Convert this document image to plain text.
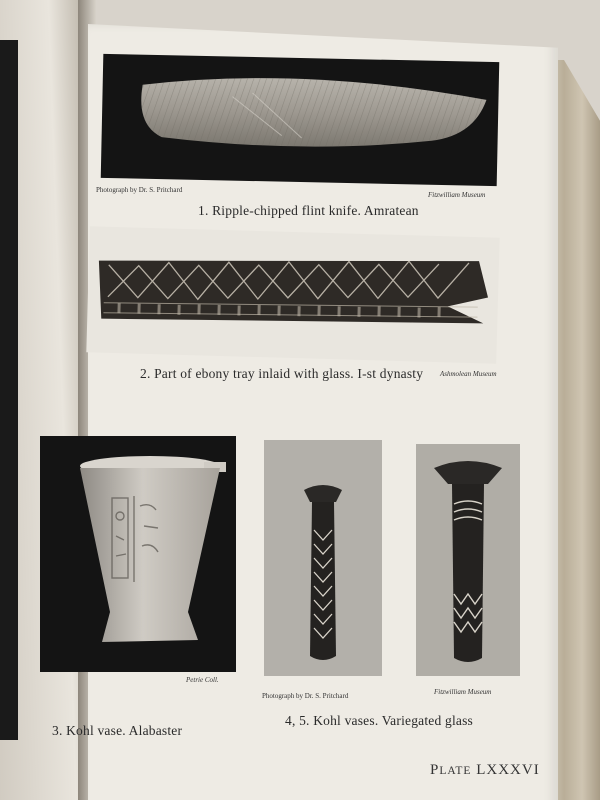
Photograph by Dr. S. Pritchard
Fitzwilliam Museum
1. Ripple-chipped flint knife. Amratean
Ashmolean Museum
2. Part of ebony tray inlaid with glass. I-st dynasty
Petrie Coll.
3. Kohl vase. Alabaster
Photograph by Dr. S. Pritchard	Fitzwilliam Museum
4, 5. Kohl vases. Variegated glass
PLATE LXXXVI
